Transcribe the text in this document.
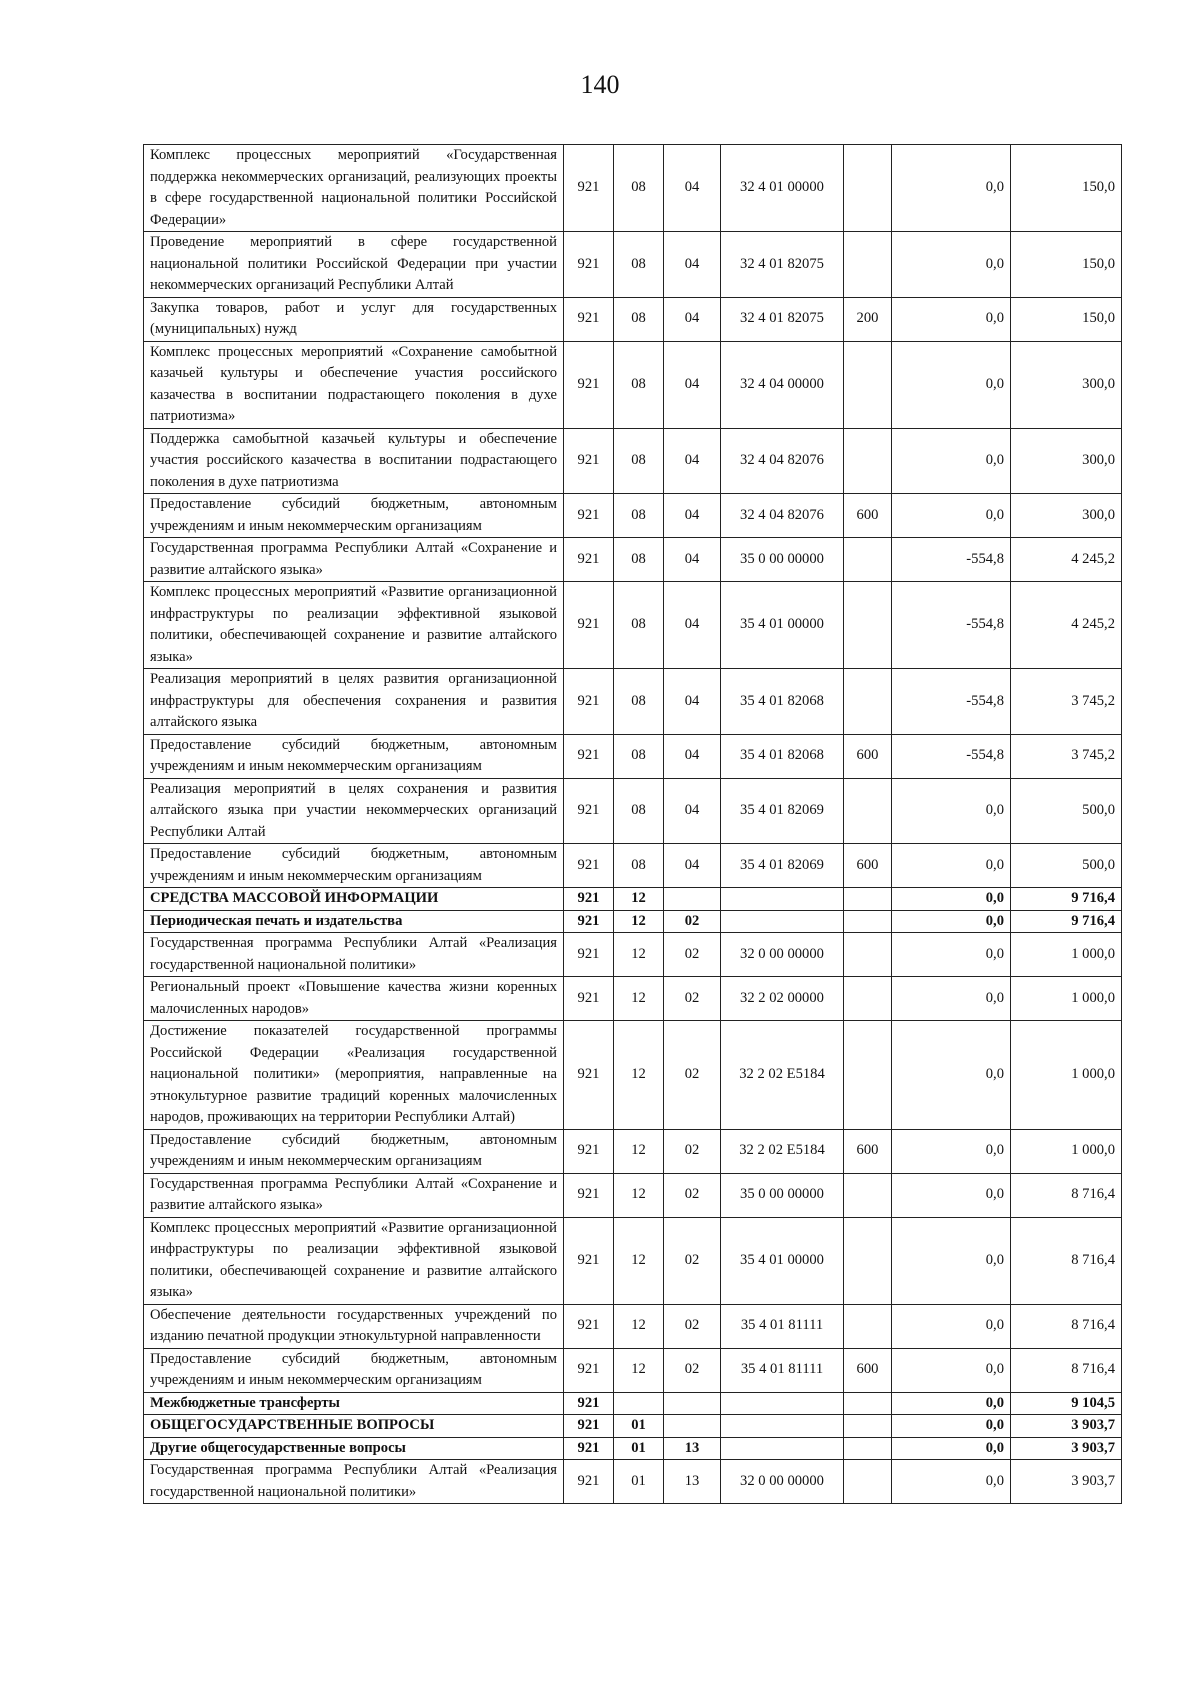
140
Комплекс процессных мероприятий «Государственная поддержка некоммерческих организаций, реализующих проекты в сфере государственной национальной политики Российской Федерации»	921	08	04	32 4 01 00000		0,0	150,0
Проведение мероприятий в сфере государственной национальной политики Российской Федерации при участии некоммерческих организаций Республики Алтай	921	08	04	32 4 01 82075		0,0	150,0
Закупка товаров, работ и услуг для государственных (муниципальных) нужд	921	08	04	32 4 01 82075	200	0,0	150,0
Комплекс процессных мероприятий «Сохранение самобытной казачьей культуры и обеспечение участия российского казачества в воспитании подрастающего поколения в духе патриотизма»	921	08	04	32 4 04 00000		0,0	300,0
Поддержка самобытной казачьей культуры и обеспечение участия российского казачества в воспитании подрастающего поколения в духе патриотизма	921	08	04	32 4 04 82076		0,0	300,0
Предоставление субсидий бюджетным, автономным учреждениям и иным некоммерческим организациям	921	08	04	32 4 04 82076	600	0,0	300,0
Государственная программа Республики Алтай «Сохранение и развитие алтайского языка»	921	08	04	35 0 00 00000		-554,8	4 245,2
Комплекс процессных мероприятий «Развитие организационной инфраструктуры по реализации эффективной языковой политики, обеспечивающей сохранение и развитие алтайского языка»	921	08	04	35 4 01 00000		-554,8	4 245,2
Реализация мероприятий в целях развития организационной инфраструктуры для обеспечения сохранения и развития алтайского языка	921	08	04	35 4 01 82068		-554,8	3 745,2
Предоставление субсидий бюджетным, автономным учреждениям и иным некоммерческим организациям	921	08	04	35 4 01 82068	600	-554,8	3 745,2
Реализация мероприятий в целях сохранения и развития алтайского языка при участии некоммерческих организаций Республики Алтай	921	08	04	35 4 01 82069		0,0	500,0
Предоставление субсидий бюджетным, автономным учреждениям и иным некоммерческим организациям	921	08	04	35 4 01 82069	600	0,0	500,0
СРЕДСТВА МАССОВОЙ ИНФОРМАЦИИ	921	12				0,0	9 716,4
Периодическая печать и издательства	921	12	02			0,0	9 716,4
Государственная программа Республики Алтай «Реализация государственной национальной политики»	921	12	02	32 0 00 00000		0,0	1 000,0
Региональный проект «Повышение качества жизни коренных малочисленных народов»	921	12	02	32 2 02 00000		0,0	1 000,0
Достижение показателей государственной программы Российской Федерации «Реализация государственной национальной политики» (мероприятия, направленные на этнокультурное развитие традиций коренных малочисленных народов, проживающих на территории Республики Алтай)	921	12	02	32 2 02 E5184		0,0	1 000,0
Предоставление субсидий бюджетным, автономным учреждениям и иным некоммерческим организациям	921	12	02	32 2 02 E5184	600	0,0	1 000,0
Государственная программа Республики Алтай «Сохранение и развитие алтайского языка»	921	12	02	35 0 00 00000		0,0	8 716,4
Комплекс процессных мероприятий «Развитие организационной инфраструктуры по реализации эффективной языковой политики, обеспечивающей сохранение и развитие алтайского языка»	921	12	02	35 4 01 00000		0,0	8 716,4
Обеспечение деятельности государственных учреждений по изданию печатной продукции этнокультурной направленности	921	12	02	35 4 01 81111		0,0	8 716,4
Предоставление субсидий бюджетным, автономным учреждениям и иным некоммерческим организациям	921	12	02	35 4 01 81111	600	0,0	8 716,4
Межбюджетные трансферты	921					0,0	9 104,5
ОБЩЕГОСУДАРСТВЕННЫЕ ВОПРОСЫ	921	01				0,0	3 903,7
Другие общегосударственные вопросы	921	01	13			0,0	3 903,7
Государственная программа Республики Алтай «Реализация государственной национальной политики»	921	01	13	32 0 00 00000		0,0	3 903,7
